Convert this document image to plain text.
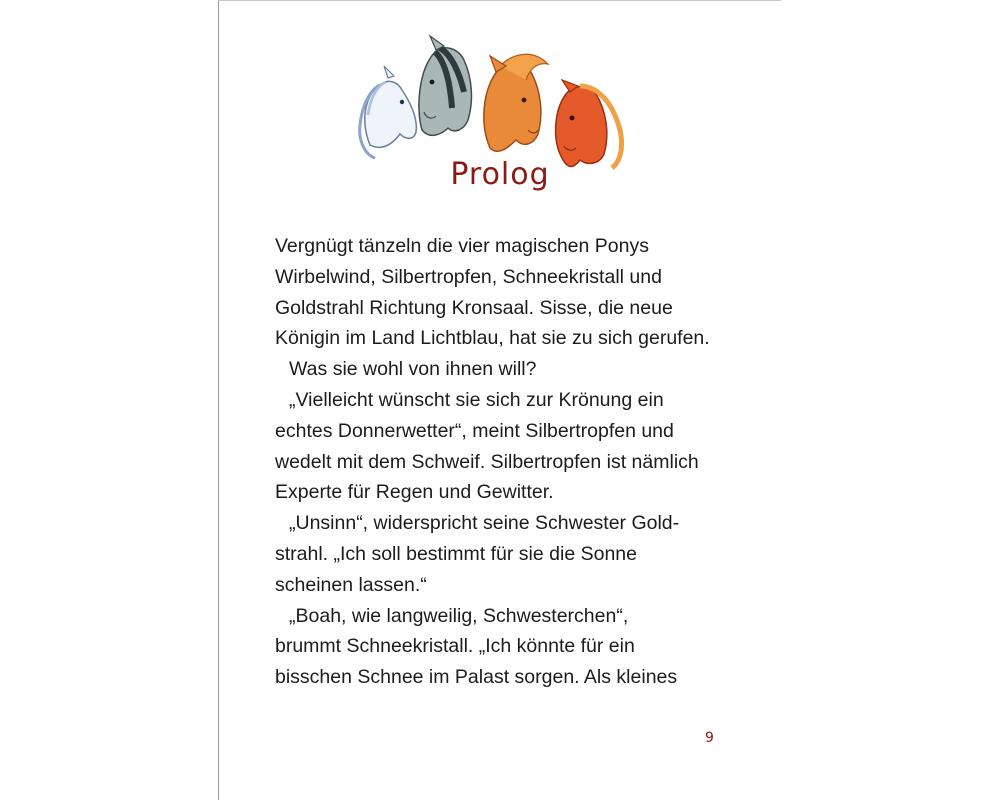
Prolog
Vergnügt tänzeln die vier magischen Ponys
Wirbelwind, Silbertropfen, Schneekristall und
Goldstrahl Richtung Kronsaal. Sisse, die neue
Königin im Land Lichtblau, hat sie zu sich gerufen.
Was sie wohl von ihnen will?
„Vielleicht wünscht sie sich zur Krönung ein
echtes Donnerwetter“, meint Silbertropfen und
wedelt mit dem Schweif. Silbertropfen ist nämlich
Experte für Regen und Gewitter.
„Unsinn“, widerspricht seine Schwester Gold-
strahl. „Ich soll bestimmt für sie die Sonne
scheinen lassen.“
„Boah, wie langweilig, Schwesterchen“,
brummt Schneekristall. „Ich könnte für ein
bisschen Schnee im Palast sorgen. Als kleines
9
